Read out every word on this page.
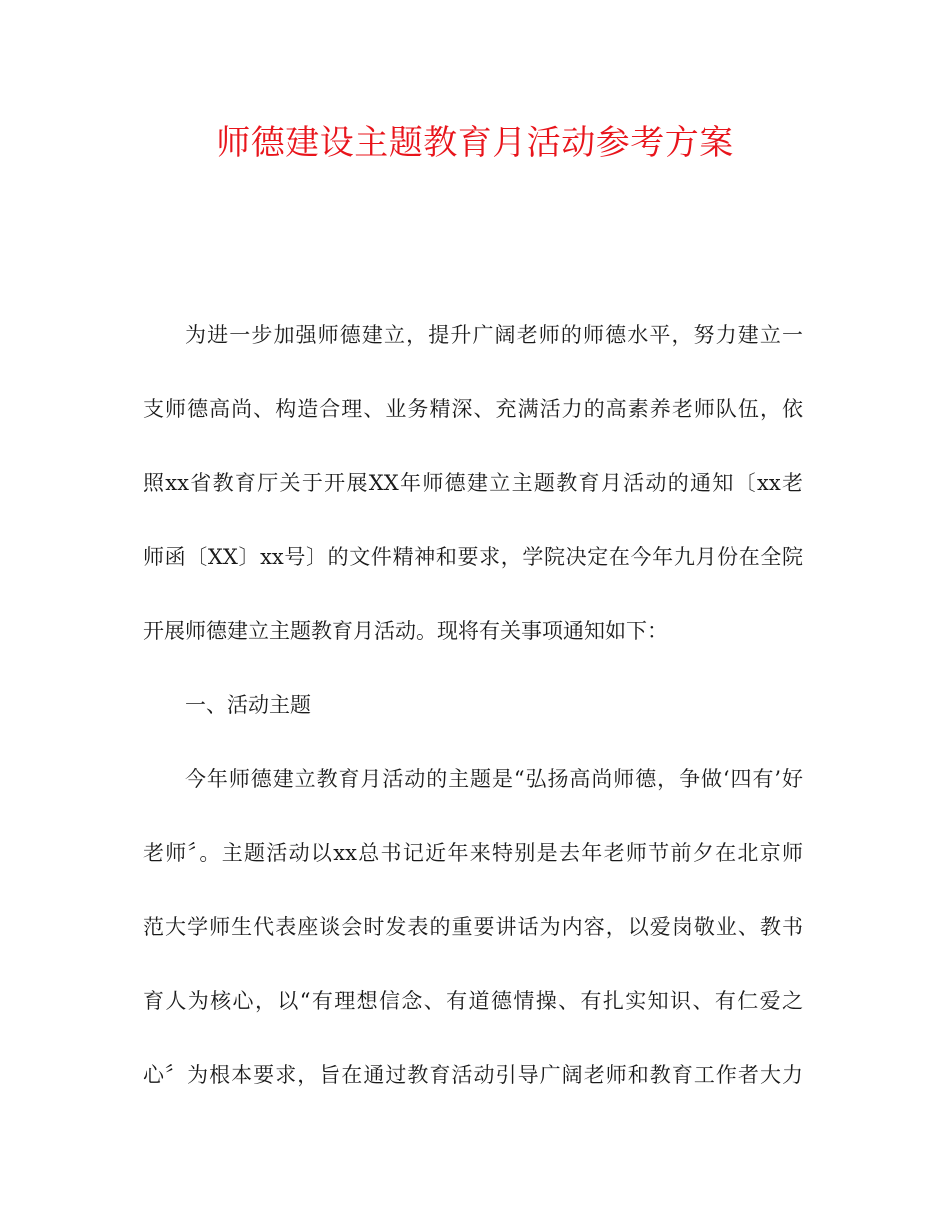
师德建设主题教育月活动参考方案
为进一步加强师德建立，提升广阔老师的师德水平，努力建立一
支师德高尚、构造合理、业务精深、充满活力的高素养老师队伍，依
照xx省教育厅关于开展XX年师德建立主题教育月活动的通知〔xx老
师函〔XX〕xx号〕的文件精神和要求，学院决定在今年九月份在全院
开展师德建立主题教育月活动。现将有关事项通知如下：
一、活动主题
今年师德建立教育月活动的主题是“弘扬高尚师德，争做‘四有’好
老师〞。主题活动以xx总书记近年来特别是去年老师节前夕在北京师
范大学师生代表座谈会时发表的重要讲话为内容，以爱岗敬业、教书
育人为核心，以“有理想信念、有道德情操、有扎实知识、有仁爱之
心〞为根本要求，旨在通过教育活动引导广阔老师和教育工作者大力
